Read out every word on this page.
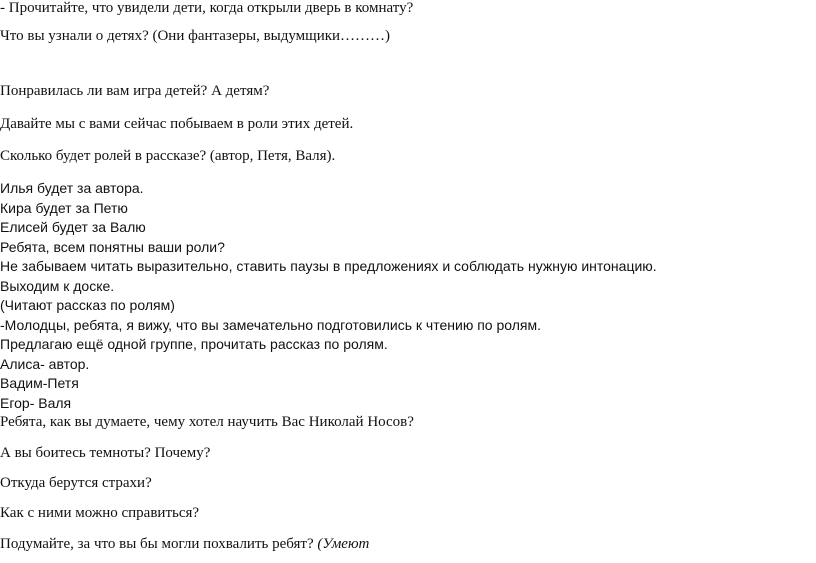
- Прочитайте, что увидели дети, когда открыли дверь в комнату?
Что вы узнали о детях? (Они фантазеры, выдумщики………)
Понравилась ли вам игра детей? А детям?
Давайте мы с вами сейчас побываем в роли этих детей.
Сколько будет ролей в рассказе? (автор, Петя, Валя).
Илья будет за автора.
Кира будет за Петю
Елисей будет за Валю
Ребята, всем понятны ваши роли?
Не забываем читать выразительно, ставить паузы в предложениях и соблюдать нужную интонацию.
Выходим к доске.
(Читают рассказ по ролям)
-Молодцы, ребята, я вижу, что вы замечательно подготовились к чтению по ролям.
Предлагаю ещё одной группе, прочитать рассказ по ролям.
Алиса- автор.
Вадим-Петя
Егор- Валя
Ребята, как вы думаете, чему хотел научить Вас Николай Носов?
А вы боитесь темноты? Почему?
Откуда берутся страхи?
Как с ними можно справиться?
Подумайте, за что вы бы могли похвалить ребят? (Умеют
